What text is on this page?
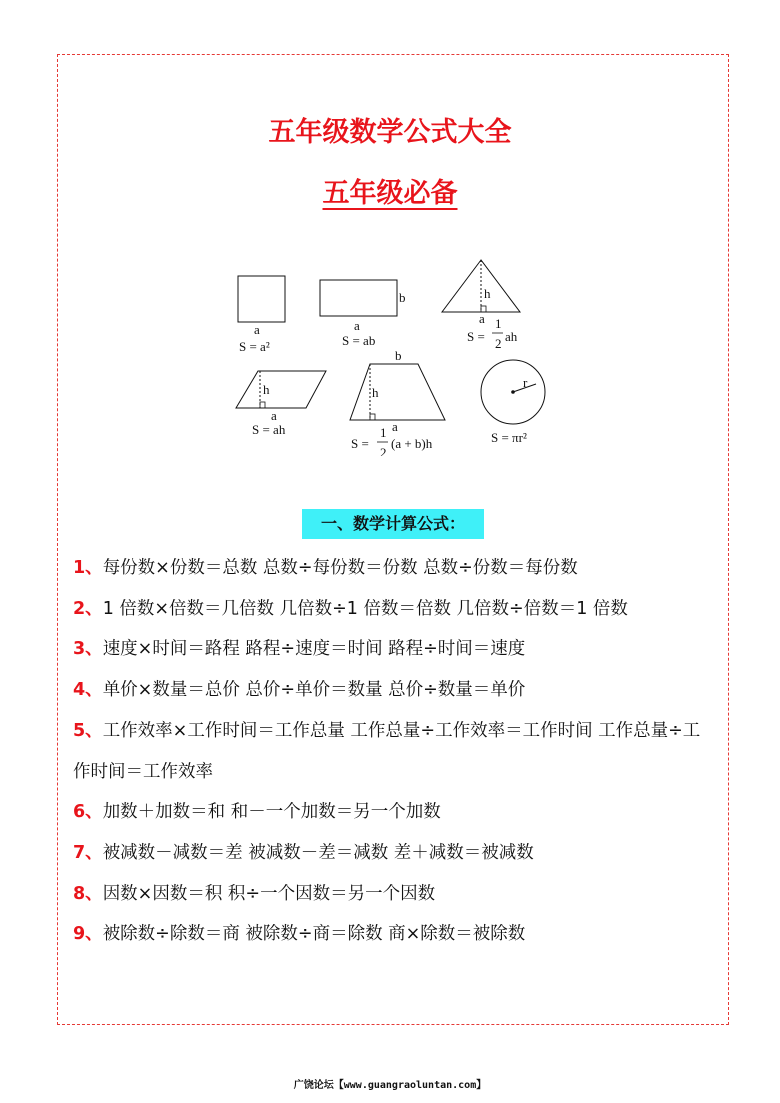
五年级数学公式大全
五年级必备
a
S = a²
b
a
S = ab
h
a
S =
1
2 ah
h
a
S = ah
b
h
a
S =
1
2
(a + b)h
r
S = πr²
一、数学计算公式：
1、每份数×份数＝总数 总数÷每份数＝份数 总数÷份数＝每份数
2、1 倍数×倍数＝几倍数 几倍数÷1 倍数＝倍数 几倍数÷倍数＝1 倍数
3、速度×时间＝路程 路程÷速度＝时间 路程÷时间＝速度
4、单价×数量＝总价 总价÷单价＝数量 总价÷数量＝单价
5、工作效率×工作时间＝工作总量 工作总量÷工作效率＝工作时间 工作总量÷工作时间＝工作效率
6、加数＋加数＝和 和－一个加数＝另一个加数
7、被减数－减数＝差 被减数－差＝减数 差＋减数＝被减数
8、因数×因数＝积 积÷一个因数＝另一个因数
9、被除数÷除数＝商 被除数÷商＝除数 商×除数＝被除数
广饶论坛【www.guangraoluntan.com】
